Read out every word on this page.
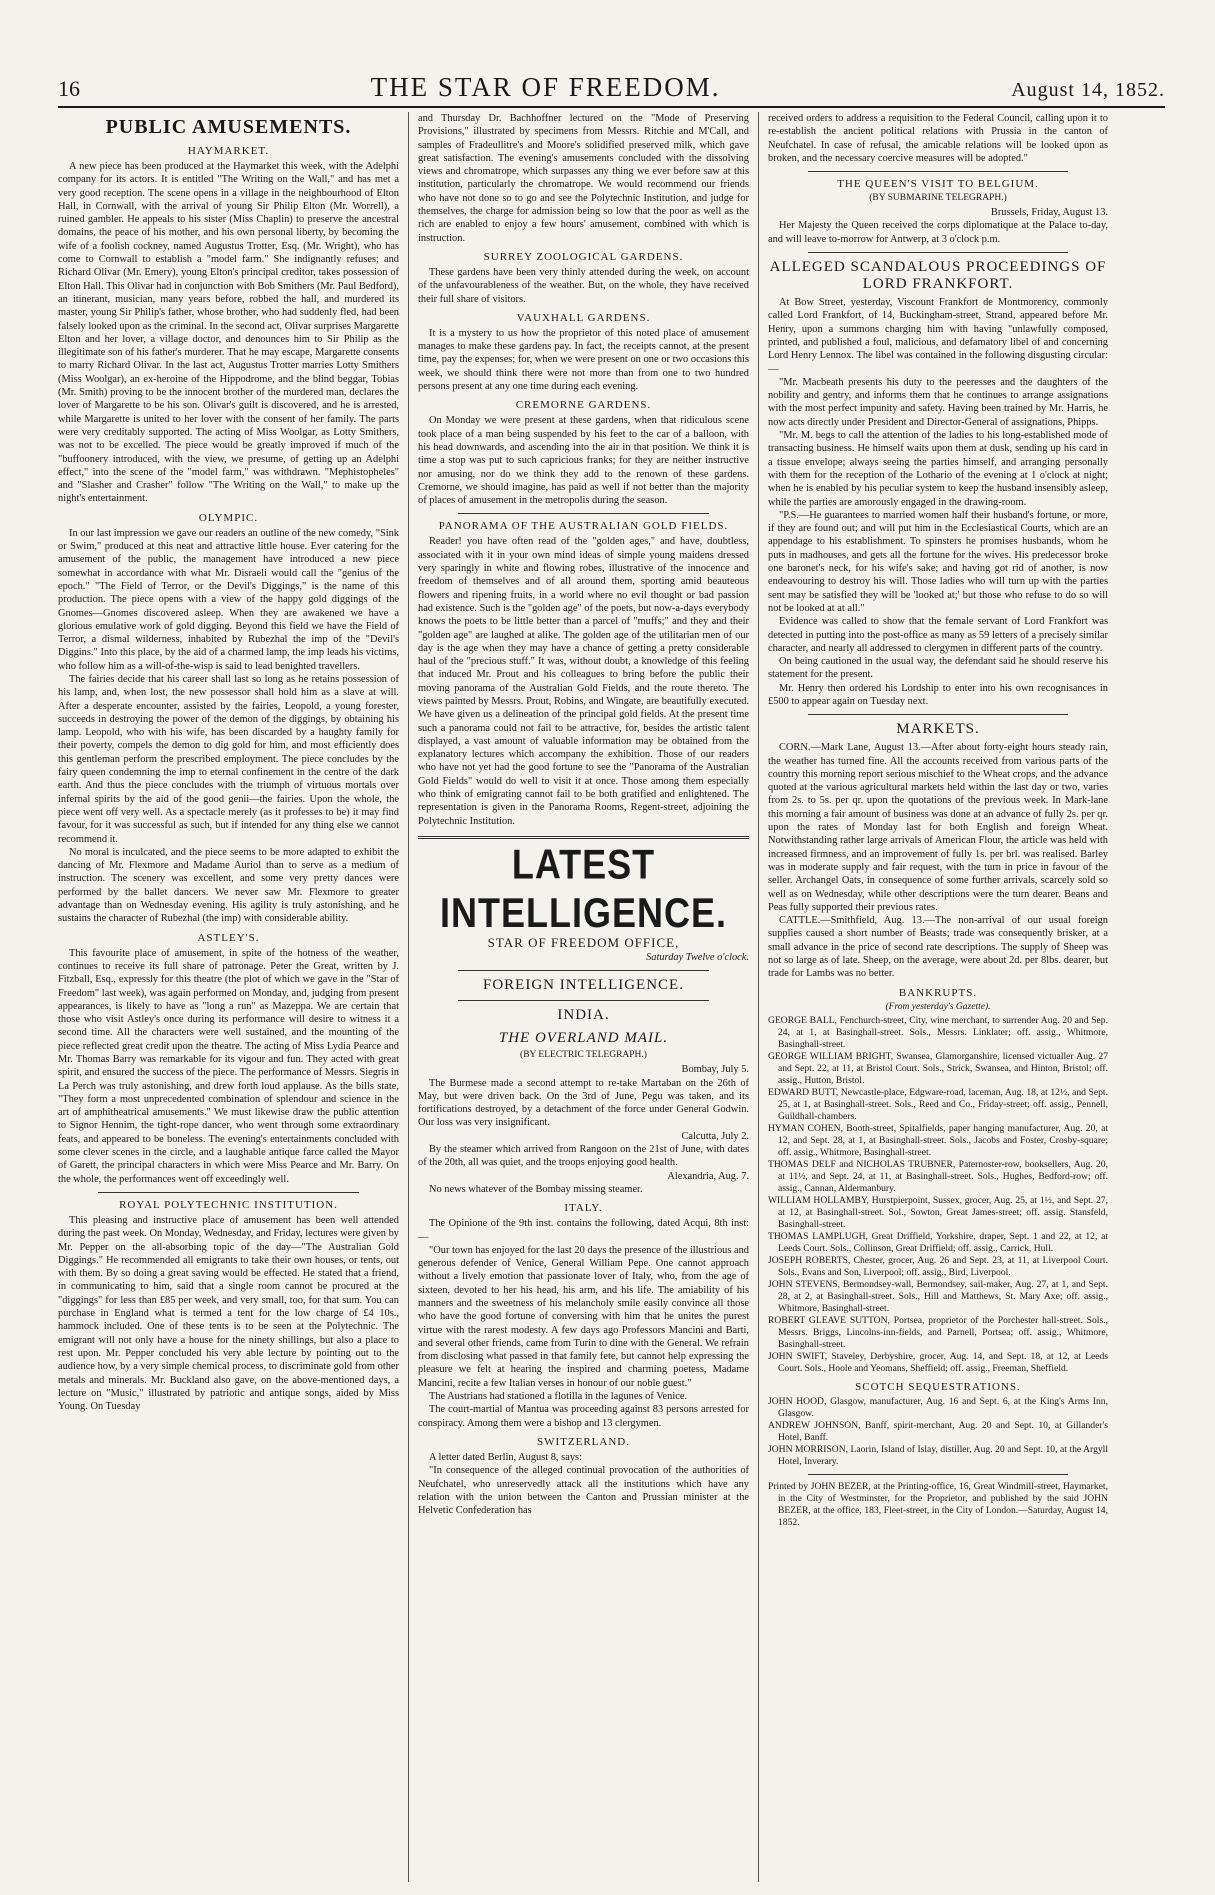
16	THE STAR OF FREEDOM.	August 14, 1852.
PUBLIC AMUSEMENTS.
HAYMARKET.

A new piece has been produced at the Haymarket this week, with the Adelphi company for its actors. It is entitled "The Writing on the Wall," and has met a very good reception. The scene opens in a village in the neighbourhood of Elton Hall, in Cornwall, with the arrival of young Sir Philip Elton (Mr. Worrell), a ruined gambler. He appeals to his sister (Miss Chaplin) to preserve the ancestral domains, the peace of his mother, and his own personal liberty, by becoming the wife of a foolish cockney, named Augustus Trotter, Esq. (Mr. Wright), who has come to Cornwall to establish a "model farm." She indignantly refuses; and Richard Olivar (Mr. Emery), young Elton's principal creditor, takes possession of Elton Hall. This Olivar had in conjunction with Bob Smithers (Mr. Paul Bedford), an itinerant, musician, many years before, robbed the hall, and murdered its master, young Sir Philip's father, whose brother, who had suddenly fled, had been falsely looked upon as the criminal. In the second act, Olivar surprises Margarette Elton and her lover, a village doctor, and denounces him to Sir Philip as the illegitimate son of his father's murderer. That he may escape, Margarette consents to marry Richard Olivar. In the last act, Augustus Trotter marries Lotty Smithers (Miss Woolgar), an ex-heroine of the Hippodrome, and the blind beggar, Tobias (Mr. Smith) proving to be the innocent brother of the murdered man, declares the lover of Margarette to be his son. Olivar's guilt is discovered, and he is arrested, while Margarette is united to her lover with the consent of her family. The parts were very creditably supported. The acting of Miss Woolgar, as Lotty Smithers, was not to be excelled. The piece would be greatly improved if much of the "buffoonery introduced, with the view, we presume, of getting up an Adelphi effect," into the scene of the "model farm," was withdrawn. "Mephistopheles" and "Slasher and Crasher" follow "The Writing on the Wall," to make up the night's entertainment.

OLYMPIC.

In our last impression we gave our readers an outline of the new comedy, "Sink or Swim," produced at this neat and attractive little house. Ever catering for the amusement of the public, the management have introduced a new piece somewhat in accordance with what Mr. Disraeli would call the "genius of the epoch." "The Field of Terror, or the Devil's Diggings," is the name of this production. The piece opens with a view of the happy gold diggings of the Gnomes—Gnomes discovered asleep. When they are awakened we have a glorious emulative work of gold digging. Beyond this field we have the Field of Terror, a dismal wilderness, inhabited by Rubezhal the imp of the "Devil's Diggins." Into this place, by the aid of a charmed lamp, the imp leads his victims, who follow him as a will-of-the-wisp is said to lead benighted travellers.

The fairies decide that his career shall last so long as he retains possession of his lamp, and, when lost, the new possessor shall hold him as a slave at will. After a desperate encounter, assisted by the fairies, Leopold, a young forester, succeeds in destroying the power of the demon of the diggings, by obtaining his lamp. Leopold, who with his wife, has been discarded by a haughty family for their poverty, compels the demon to dig gold for him, and most efficiently does this gentleman perform the prescribed employment. The piece concludes by the fairy queen condemning the imp to eternal confinement in the centre of the dark earth. And thus the piece concludes with the triumph of virtuous mortals over infernal spirits by the aid of the good genii—the fairies. Upon the whole, the piece went off very well. As a spectacle merely (as it professes to be) it may find favour, for it was successful as such, but if intended for any thing else we cannot recommend it.

No moral is inculcated, and the piece seems to be more adapted to exhibit the dancing of Mr. Flexmore and Madame Auriol than to serve as a medium of instruction. The scenery was excellent, and some very pretty dances were performed by the ballet dancers. We never saw Mr. Flexmore to greater advantage than on Wednesday evening. His agility is truly astonishing, and he sustains the character of Rubezhal (the imp) with considerable ability.

ASTLEY'S.

This favourite place of amusement, in spite of the hotness of the weather, continues to receive its full share of patronage. Peter the Great, written by J. Fitzball, Esq., expressly for this theatre (the plot of which we gave in the "Star of Freedom" last week), was again performed on Monday, and, judging from present appearances, is likely to have as "long a run" as Mazeppa. We are certain that those who visit Astley's once during its performance will desire to witness it a second time. All the characters were well sustained, and the mounting of the piece reflected great credit upon the theatre. The acting of Miss Lydia Pearce and Mr. Thomas Barry was remarkable for its vigour and fun. They acted with great spirit, and ensured the success of the piece. The performance of Messrs. Siegris in La Perch was truly astonishing, and drew forth loud applause. As the bills state, "They form a most unprecedented combination of splendour and science in the art of amphitheatrical amusements." We must likewise draw the public attention to Signor Hennim, the tight-rope dancer, who went through some extraordinary feats, and appeared to be boneless. The evening's entertainments concluded with some clever scenes in the circle, and a laughable antique farce called the Mayor of Garett, the principal characters in which were Miss Pearce and Mr. Barry. On the whole, the performances went off exceedingly well.

ROYAL POLYTECHNIC INSTITUTION.

This pleasing and instructive place of amusement has been well attended during the past week. On Monday, Wednesday, and Friday, lectures were given by Mr. Pepper on the all-absorbing topic of the day—"The Australian Gold Diggings." He recommended all emigrants to take their own houses, or tents, out with them. By so doing a great saving would be effected. He stated that a friend, in communicating to him, said that a single room cannot be procured at the "diggings" for less than £85 per week, and very small, too, for that sum. You can purchase in England what is termed a tent for the low charge of £4 10s., hammock included. One of these tents is to be seen at the Polytechnic. The emigrant will not only have a house for the ninety shillings, but also a place to rest upon. Mr. Pepper concluded his very able lecture by pointing out to the audience how, by a very simple chemical process, to discriminate gold from other metals and minerals. Mr. Buckland also gave, on the above-mentioned days, a lecture on "Music," illustrated by patriotic and antique songs, aided by Miss Young. On Tuesday

and Thursday Dr. Bachhoffner lectured on the "Mode of Preserving Provisions," illustrated by specimens from Messrs. Ritchie and M'Call, and samples of Fradeullitre's and Moore's solidified preserved milk, which gave great satisfaction. The evening's amusements concluded with the dissolving views and chromatrope, which surpasses any thing we ever before saw at this institution, particularly the chromatrope. We would recommend our friends who have not done so to go and see the Polytechnic Institution, and judge for themselves, the charge for admission being so low that the poor as well as the rich are enabled to enjoy a few hours' amusement, combined with which is instruction.

SURREY ZOOLOGICAL GARDENS.

These gardens have been very thinly attended during the week, on account of the unfavourableness of the weather. But, on the whole, they have received their full share of visitors.

VAUXHALL GARDENS.

It is a mystery to us how the proprietor of this noted place of amusement manages to make these gardens pay. In fact, the receipts cannot, at the present time, pay the expenses; for, when we were present on one or two occasions this week, we should think there were not more than from one to two hundred persons present at any one time during each evening.

CREMORNE GARDENS.

On Monday we were present at these gardens, when that ridiculous scene took place of a man being suspended by his feet to the car of a balloon, with his head downwards, and ascending into the air in that position. We think it is time a stop was put to such capricious franks; for they are neither instructive nor amusing, nor do we think they add to the renown of these gardens. Cremorne, we should imagine, has paid as well if not better than the majority of places of amusement in the metropolis during the season.

PANORAMA OF THE AUSTRALIAN GOLD FIELDS.

Reader! you have often read of the "golden ages," and have, doubtless, associated with it in your own mind ideas of simple young maidens dressed very sparingly in white and flowing robes, illustrative of the innocence and freedom of themselves and of all around them, sporting amid beauteous flowers and ripening fruits, in a world where no evil thought or bad passion had existence. Such is the "golden age" of the poets, but now-a-days everybody knows the poets to be little better than a parcel of "muffs;" and they and their "golden age" are laughed at alike. The golden age of the utilitarian men of our day is the age when they may have a chance of getting a pretty considerable haul of the "precious stuff." It was, without doubt, a knowledge of this feeling that induced Mr. Prout and his colleagues to bring before the public their moving panorama of the Australian Gold Fields, and the route thereto. The views painted by Messrs. Prout, Robins, and Wingate, are beautifully executed. We have given us a delineation of the principal gold fields. At the present time such a panorama could not fail to be attractive, for, besides the artistic talent displayed, a vast amount of valuable information may be obtained from the explanatory lectures which accompany the exhibition. Those of our readers who have not yet had the good fortune to see the "Panorama of the Australian Gold Fields" would do well to visit it at once. Those among them especially who think of emigrating cannot fail to be both gratified and enlightened. The representation is given in the Panorama Rooms, Regent-street, adjoining the Polytechnic Institution.

LATEST INTELLIGENCE.
STAR OF FREEDOM OFFICE,

Saturday Twelve o'clock.

FOREIGN INTELLIGENCE.
INDIA.
THE OVERLAND MAIL.
(BY ELECTRIC TELEGRAPH.)

Bombay, July 5.

The Burmese made a second attempt to re-take Martaban on the 26th of May, but were driven back. On the 3rd of June, Pegu was taken, and its fortifications destroyed, by a detachment of the force under General Godwin. Our loss was very insignificant.

Calcutta, July 2.

By the steamer which arrived from Rangoon on the 21st of June, with dates of the 20th, all was quiet, and the troops enjoying good health.

Alexandria, Aug. 7.

No news whatever of the Bombay missing steamer.

ITALY.

The Opinione of the 9th inst. contains the following, dated Acqui, 8th inst:—

"Our town has enjoyed for the last 20 days the presence of the illustrious and generous defender of Venice, General William Pepe. One cannot approach without a lively emotion that passionate lover of Italy, who, from the age of sixteen, devoted to her his head, his arm, and his life. The amiability of his manners and the sweetness of his melancholy smile easily convince all those who have the good fortune of conversing with him that he unites the purest virtue with the rarest modesty. A few days ago Professors Mancini and Barti, and several other friends, came from Turin to dine with the General. We refrain from disclosing what passed in that family fete, but cannot help expressing the pleasure we felt at hearing the inspired and charming poetess, Madame Mancini, recite a few Italian verses in honour of our noble guest."

The Austrians had stationed a flotilla in the lagunes of Venice.

The court-martial of Mantua was proceeding against 83 persons arrested for conspiracy. Among them were a bishop and 13 clergymen.

SWITZERLAND.

A letter dated Berlin, August 8, says:

"In consequence of the alleged continual provocation of the authorities of Neufchatel, who unreservedly attack all the institutions which have any relation with the union between the Canton and Prussian minister at the Helvetic Confederation has

received orders to address a requisition to the Federal Council, calling upon it to re-establish the ancient political relations with Prussia in the canton of Neufchatel. In case of refusal, the amicable relations will be looked upon as broken, and the necessary coercive measures will be adopted."

THE QUEEN'S VISIT TO BELGIUM.
(BY SUBMARINE TELEGRAPH.)

Brussels, Friday, August 13.

Her Majesty the Queen received the corps diplomatique at the Palace to-day, and will leave to-morrow for Antwerp, at 3 o'clock p.m.

ALLEGED SCANDALOUS PROCEEDINGS OF LORD FRANKFORT.

At Bow Street, yesterday, Viscount Frankfort de Montmorency, commonly called Lord Frankfort, of 14, Buckingham-street, Strand, appeared before Mr. Henry, upon a summons charging him with having "unlawfully composed, printed, and published a foul, malicious, and defamatory libel of and concerning Lord Henry Lennox. The libel was contained in the following disgusting circular:—

"Mr. Macbeath presents his duty to the peeresses and the daughters of the nobility and gentry, and informs them that he continues to arrange assignations with the most perfect impunity and safety. Having been trained by Mr. Harris, he now acts directly under President and Director-General of assignations, Phipps.

"Mr. M. begs to call the attention of the ladies to his long-established mode of transacting business. He himself waits upon them at dusk, sending up his card in a tissue envelope; always seeing the parties himself, and arranging personally with them for the reception of the Lothario of the evening at 1 o'clock at night; when he is enabled by his peculiar system to keep the husband insensibly asleep, while the parties are amorously engaged in the drawing-room.

"P.S.—He guarantees to married women half their husband's fortune, or more, if they are found out; and will put him in the Ecclesiastical Courts, which are an appendage to his establishment. To spinsters he promises husbands, whom he puts in madhouses, and gets all the fortune for the wives. His predecessor broke one baronet's neck, for his wife's sake; and having got rid of another, is now endeavouring to destroy his will. Those ladies who will turn up with the parties sent may be satisfied they will be 'looked at;' but those who refuse to do so will not be looked at at all."

Evidence was called to show that the female servant of Lord Frankfort was detected in putting into the post-office as many as 59 letters of a precisely similar character, and nearly all addressed to clergymen in different parts of the country.

On being cautioned in the usual way, the defendant said he should reserve his statement for the present.

Mr. Henry then ordered his Lordship to enter into his own recognisances in £500 to appear again on Tuesday next.

MARKETS.

CORN.—Mark Lane, August 13.—After about forty-eight hours steady rain, the weather has turned fine. All the accounts received from various parts of the country this morning report serious mischief to the Wheat crops, and the advance quoted at the various agricultural markets held within the last day or two, varies from 2s. to 5s. per qr. upon the quotations of the previous week. In Mark-lane this morning a fair amount of business was done at an advance of fully 2s. per qr. upon the rates of Monday last for both English and foreign Wheat. Notwithstanding rather large arrivals of American Flour, the article was held with increased firmness, and an improvement of fully 1s. per brl. was realised. Barley was in moderate supply and fair request, with the turn in price in favour of the seller. Archangel Oats, in consequence of some further arrivals, scarcely sold so well as on Wednesday, while other descriptions were the turn dearer. Beans and Peas fully supported their previous rates.

CATTLE.—Smithfield, Aug. 13.—The non-arrival of our usual foreign supplies caused a short number of Beasts; trade was consequently brisker, at a small advance in the price of second rate descriptions. The supply of Sheep was not so large as of late. Sheep, on the average, were about 2d. per 8lbs. dearer, but trade for Lambs was no better.

BANKRUPTS.
(From yesterday's Gazette).

GEORGE BALL, Fenchurch-street, City, wine merchant, to surrender Aug. 20 and Sep. 24, at 1, at Basinghall-street. Sols., Messrs. Linklater; off. assig., Whitmore, Basinghall-street.

GEORGE WILLIAM BRIGHT, Swansea, Glamorganshire, licensed victualler Aug. 27 and Sept. 22, at 11, at Bristol Court. Sols., Strick, Swansea, and Hinton, Bristol; off. assig., Hutton, Bristol.

EDWARD BUTT, Newcastle-place, Edgware-road, laceman, Aug. 18, at 12½, and Sept. 25, at 1, at Basinghall-street. Sols., Reed and Co., Friday-street; off. assig., Pennell, Guildhall-chambers.

HYMAN COHEN, Booth-street, Spitalfields, paper hanging manufacturer, Aug. 20, at 12, and Sept. 28, at 1, at Basinghall-street. Sols., Jacobs and Foster, Crosby-square; off. assig., Whitmore, Basinghall-street.

THOMAS DELF and NICHOLAS TRUBNER, Paternoster-row, booksellers, Aug. 20, at 11½, and Sept. 24, at 11, at Basinghall-street. Sols., Hughes, Bedford-row; off. assig., Cannan, Aldermanbury.

WILLIAM HOLLAMBY, Hurstpierpoint, Sussex, grocer, Aug. 25, at 1½, and Sept. 27, at 12, at Basinghall-street. Sol., Sowton, Great James-street; off. assig. Stansfeld, Basinghall-street.

THOMAS LAMPLUGH, Great Driffield, Yorkshire, draper, Sept. 1 and 22, at 12, at Leeds Court. Sols., Collinson, Great Driffield; off. assig., Carrick, Hull.

JOSEPH ROBERTS, Chester, grocer, Aug. 26 and Sept. 23, at 11, at Liverpool Court. Sols., Evans and Son, Liverpool; off. assig., Bird, Liverpool.

JOHN STEVENS, Bermondsey-wall, Bermondsey, sail-maker, Aug. 27, at 1, and Sept. 28, at 2, at Basinghall-street. Sols., Hill and Matthews, St. Mary Axe; off. assig., Whitmore, Basinghall-street.

ROBERT GLEAVE SUTTON, Portsea, proprietor of the Porchester hall-street. Sols., Messrs. Briggs, Lincolns-inn-fields, and Parnell, Portsea; off. assig., Whitmore, Basinghall-street.

JOHN SWIFT, Staveley, Derbyshire, grocer, Aug. 14, and Sept. 18, at 12, at Leeds Court. Sols., Hoole and Yeomans, Sheffield; off. assig., Freeman, Sheffield.

SCOTCH SEQUESTRATIONS.

JOHN HOOD, Glasgow, manufacturer, Aug. 16 and Sept. 6, at the King's Arms Inn, Glasgow.

ANDREW JOHNSON, Banff, spirit-merchant, Aug. 20 and Sept. 10, at Gillander's Hotel, Banff.

JOHN MORRISON, Laorin, Island of Islay, distiller, Aug. 20 and Sept. 10, at the Argyll Hotel, Inverary.

Printed by JOHN BEZER, at the Printing-office, 16, Great Windmill-street, Haymarket, in the City of Westminster, for the Proprietor, and published by the said JOHN BEZER, at the office, 183, Fleet-street, in the City of London.—Saturday, August 14, 1852.
